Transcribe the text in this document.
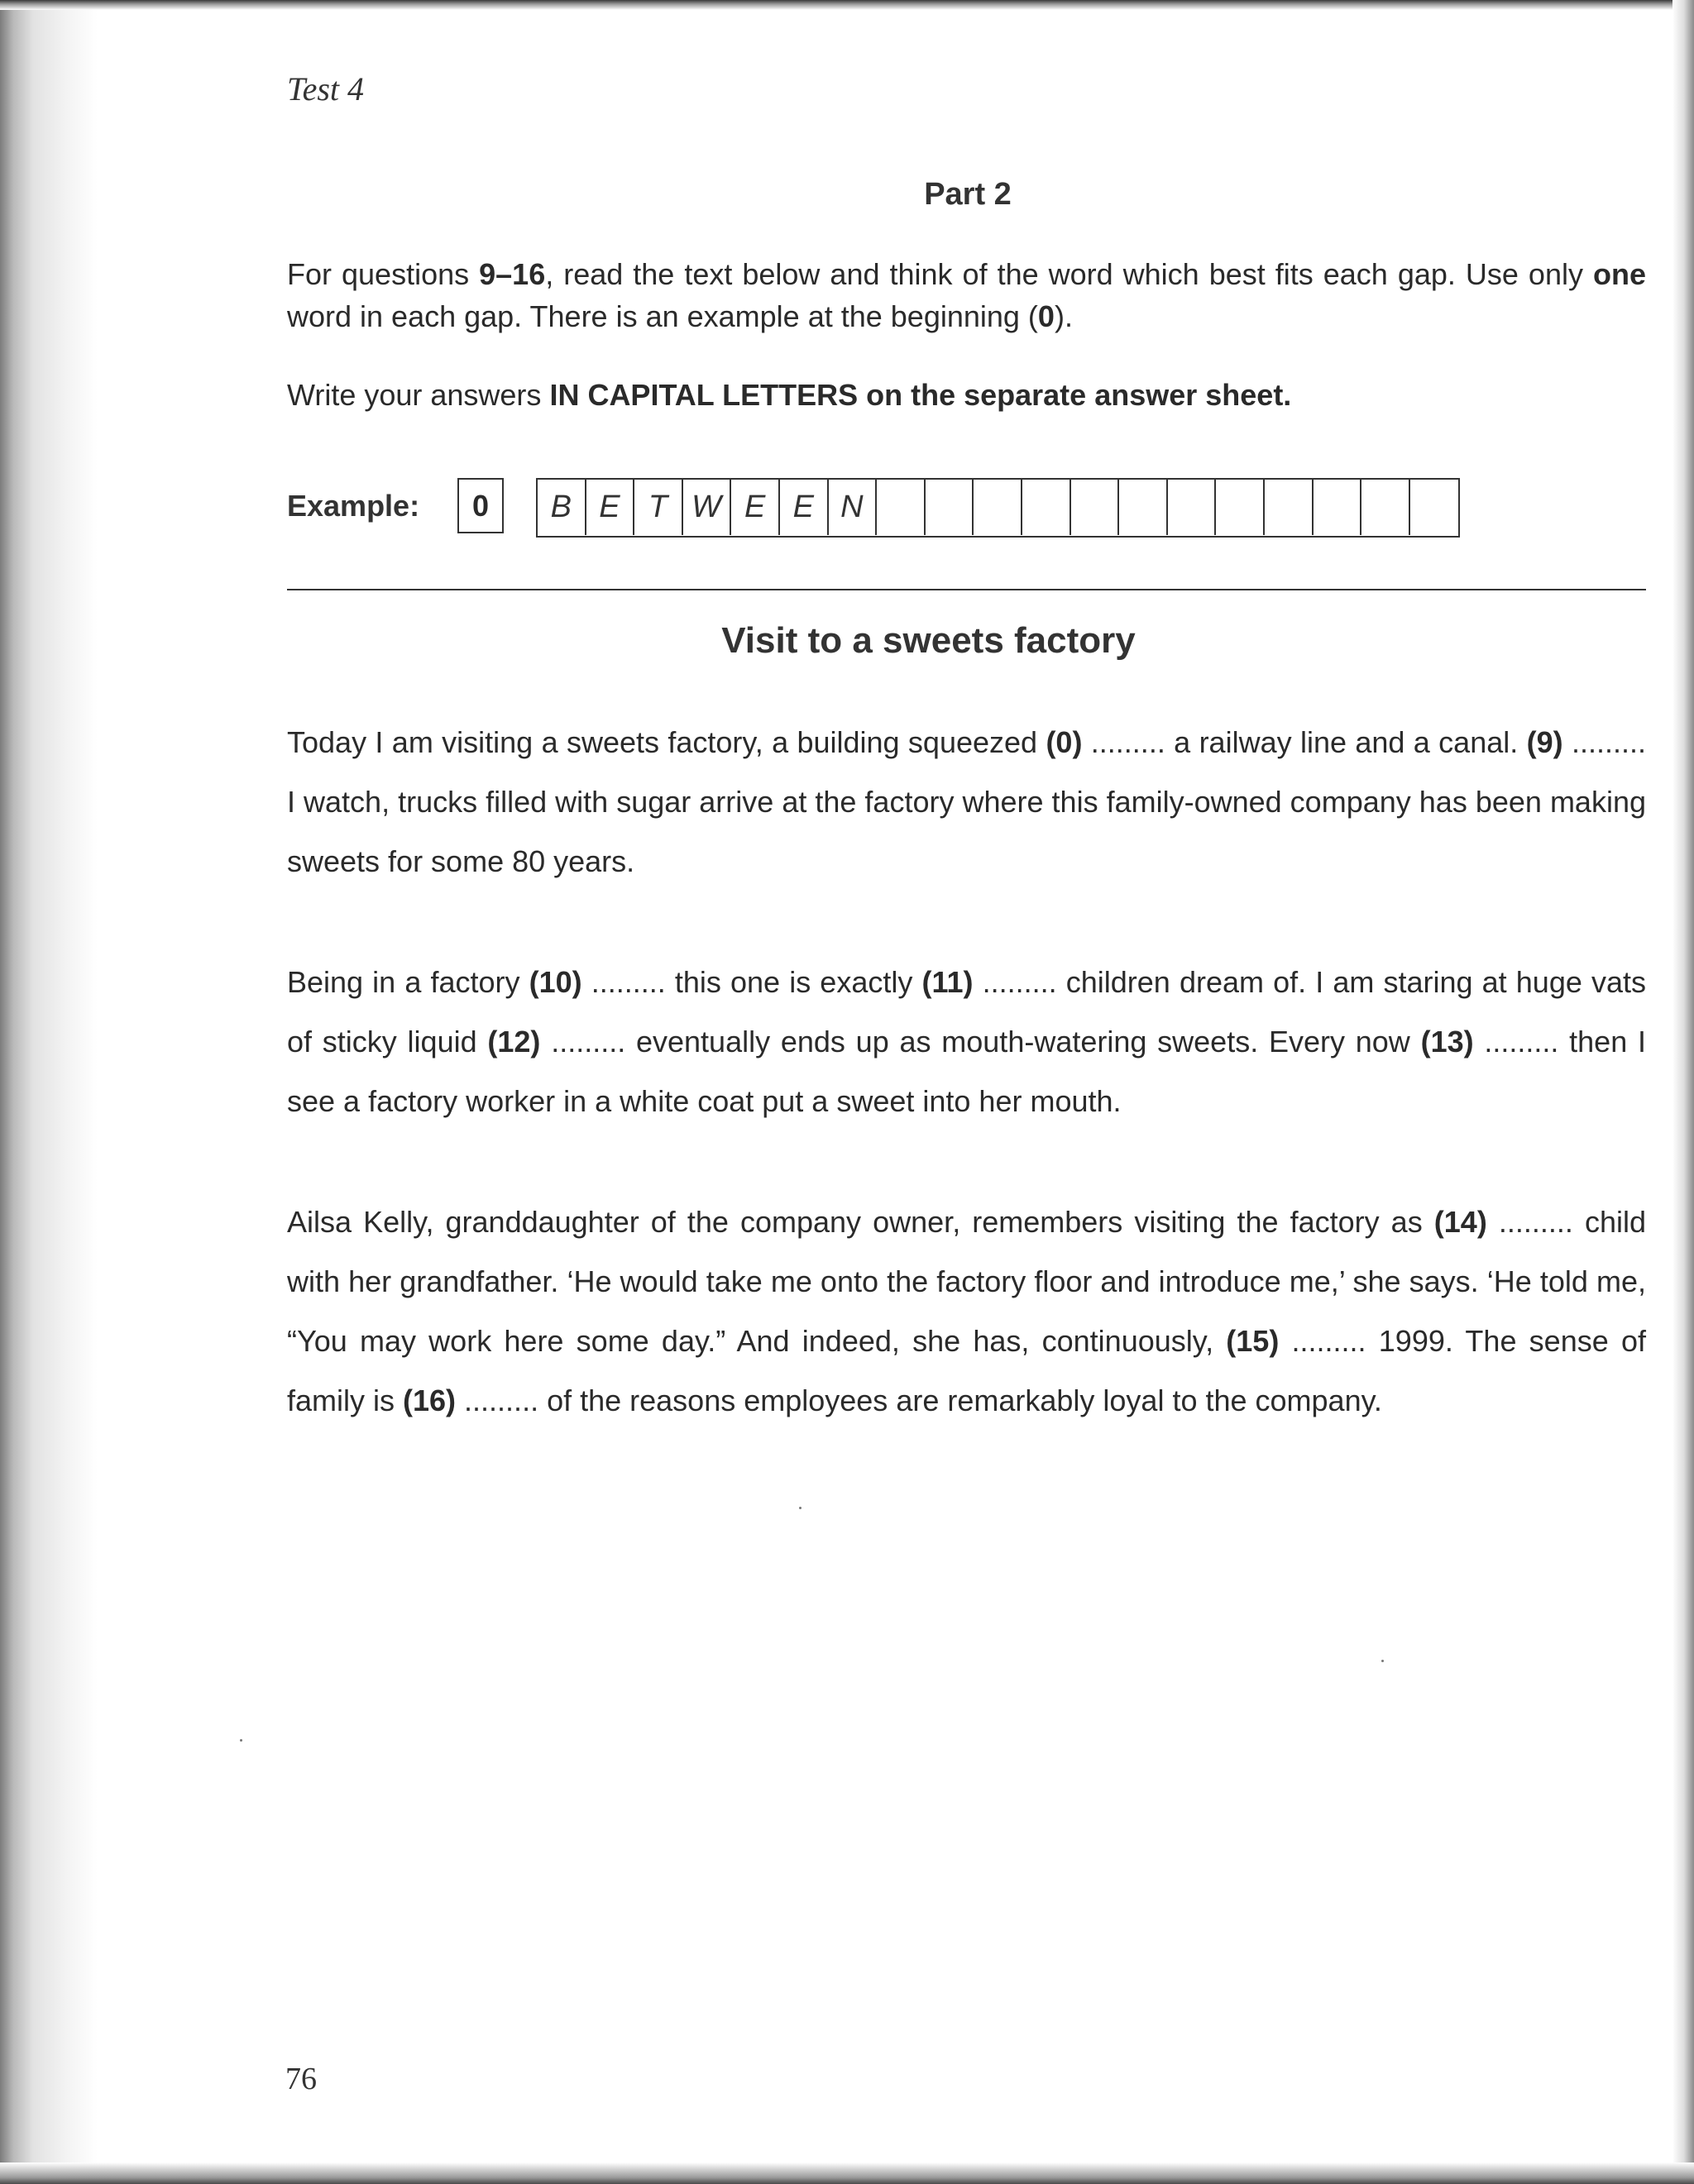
Test 4
Part 2
For questions 9–16, read the text below and think of the word which best fits each gap. Use only one word in each gap. There is an example at the beginning (0).
Write your answers IN CAPITAL LETTERS on the separate answer sheet.
Example:	0	B E T W E E N
Visit to a sweets factory
Today I am visiting a sweets factory, a building squeezed (0) ......... a railway line and a canal. (9) ......... I watch, trucks filled with sugar arrive at the factory where this family-owned company has been making sweets for some 80 years.
Being in a factory (10) ......... this one is exactly (11) ......... children dream of. I am staring at huge vats of sticky liquid (12) ......... eventually ends up as mouth-watering sweets. Every now (13) ......... then I see a factory worker in a white coat put a sweet into her mouth.
Ailsa Kelly, granddaughter of the company owner, remembers visiting the factory as (14) ......... child with her grandfather. ‘He would take me onto the factory floor and introduce me,’ she says. ‘He told me, “You may work here some day.” And indeed, she has, continuously, (15) ......... 1999. The sense of family is (16) ......... of the reasons employees are remarkably loyal to the company.
76
